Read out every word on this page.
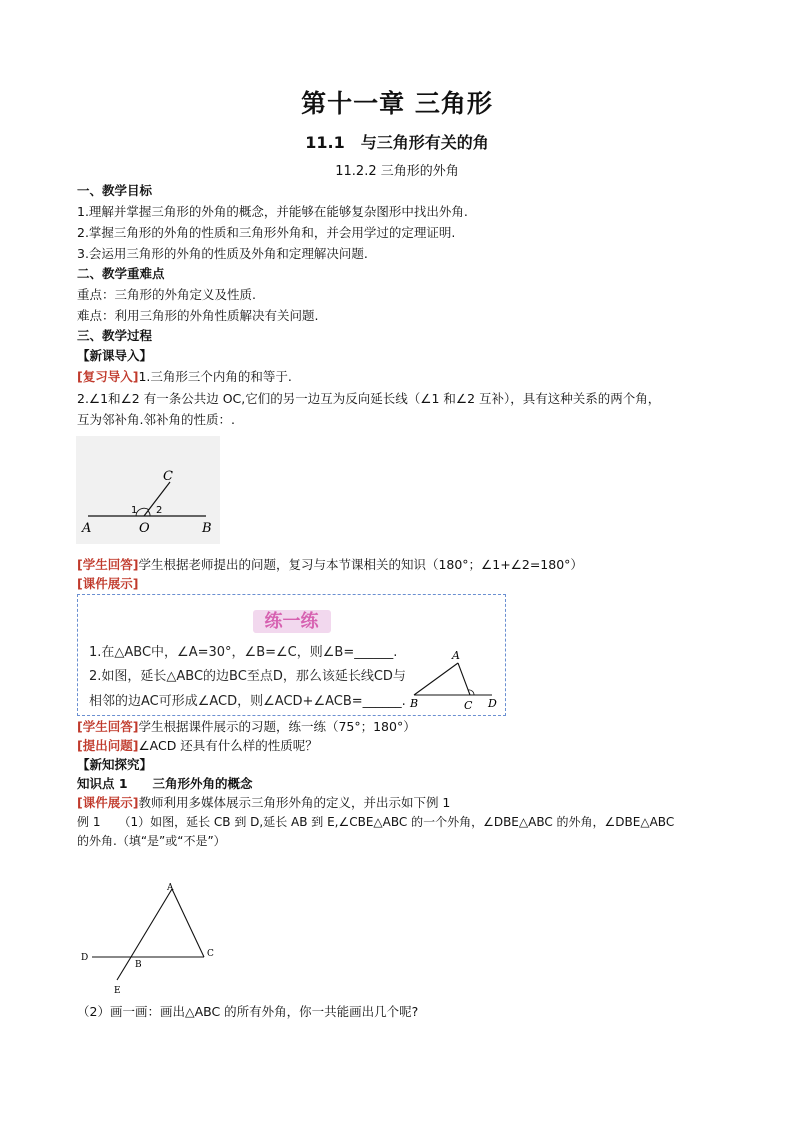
第十一章 三角形
11.1　与三角形有关的角
11.2.2 三角形的外角
一、教学目标
1.理解并掌握三角形的外角的概念，并能够在能够复杂图形中找出外角.
2.掌握三角形的外角的性质和三角形外角和，并会用学过的定理证明.
3.会运用三角形的外角的性质及外角和定理解决问题.
二、教学重难点
重点：三角形的外角定义及性质.
难点：利用三角形的外角性质解决有关问题.
三、教学过程
【新课导入】
[复习导入]1.三角形三个内角的和等于.
2.∠1和∠2 有一条公共边 OC,它们的另一边互为反向延长线（∠1 和∠2 互补），具有这种关系的两个角，
互为邻补角.邻补角的性质：.
C
1 2
A	O	B
[学生回答]学生根据老师提出的问题，复习与本节课相关的知识（180°；∠1+∠2=180°）
[课件展示]
练一练
1.在△ABC中，∠A=30°，∠B=∠C，则∠B=______.
2.如图，延长△ABC的边BC至点D，那么该延长线CD与
相邻的边AC可形成∠ACD，则∠ACD+∠ACB=______.
A
B	C D
[学生回答]学生根据课件展示的习题，练一练（75°；180°）
[提出问题]∠ACD 还具有什么样的性质呢？
【新知探究】
知识点 1　　三角形外角的概念
[课件展示]教师利用多媒体展示三角形外角的定义，并出示如下例 1
例 1　　（1）如图，延长 CB 到 D,延长 AB 到 E,∠CBE△ABC 的一个外角，∠DBE△ABC 的外角，∠DBE△ABC
的外角.（填“是”或“不是”）
A
D
B
C
E
（2）画一画：画出△ABC 的所有外角，你一共能画出几个呢?
